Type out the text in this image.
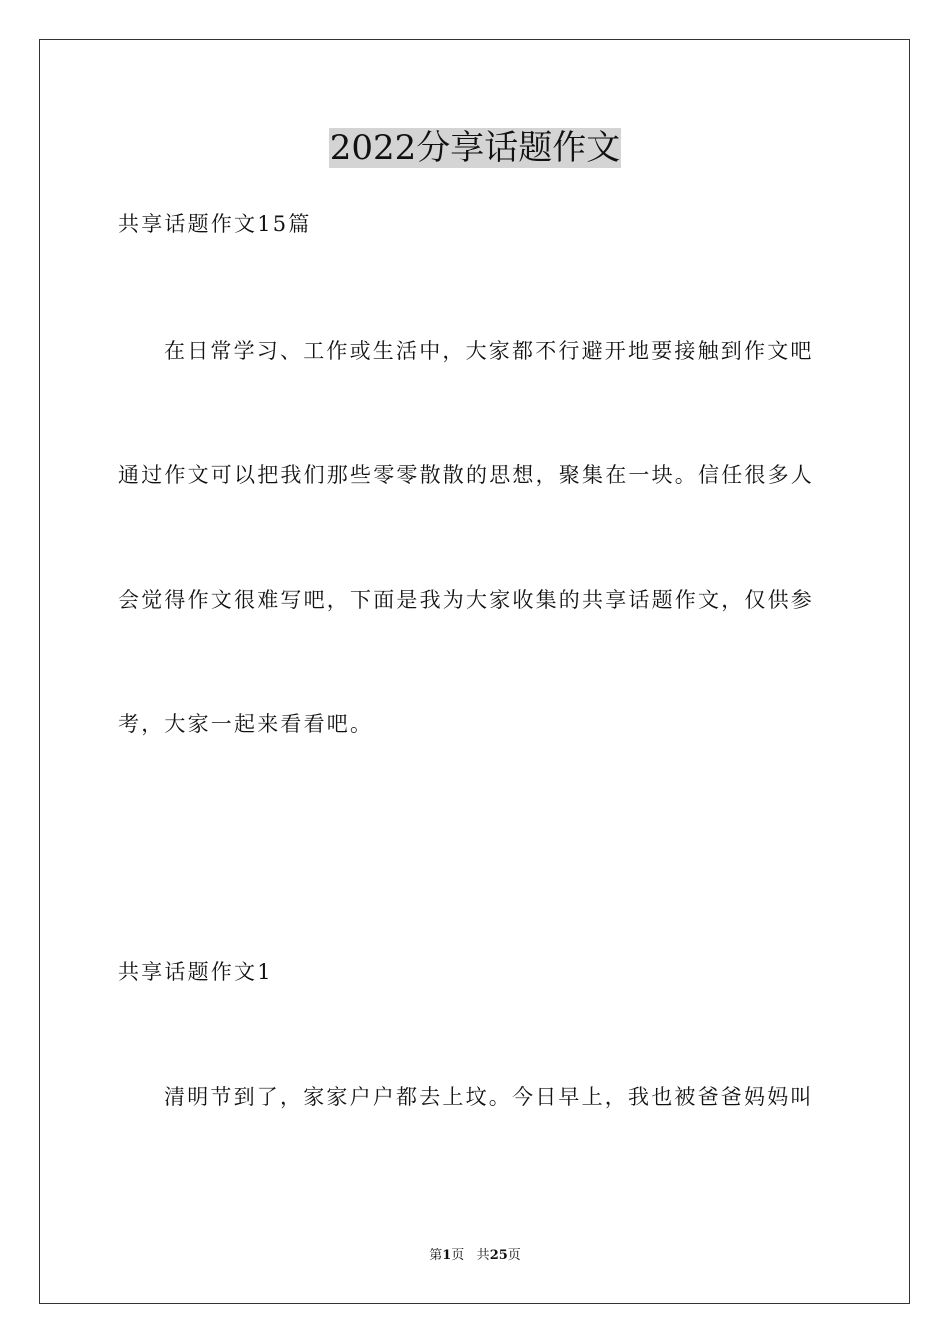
2022分享话题作文

共享话题作文15篇

在日常学习、工作或生活中，大家都不行避开地要接触到作文吧

通过作文可以把我们那些零零散散的思想，聚集在一块。信任很多人

会觉得作文很难写吧，下面是我为大家收集的共享话题作文，仅供参

考，大家一起来看看吧。

共享话题作文1

清明节到了，家家户户都去上坟。今日早上，我也被爸爸妈妈叫

第1页 共25页
